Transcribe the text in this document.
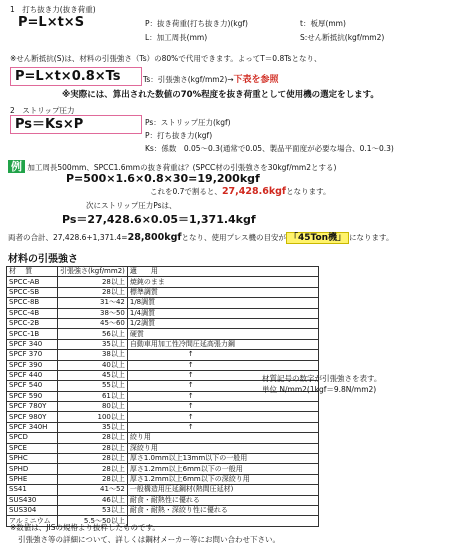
1　打ち抜き力(抜き荷重)
P=L×t×S	P：抜き荷重(打ち抜き力)(kgf)	t：板厚(mm)
L：加工周長(mm)	S:せん断抵抗(kgf/mm2)
※せん断抵抗(S)は、材料の引張強さ（Ts）の80%で代用できます。よってT＝0.8Tsとなり、
P=L×t×0.8×Ts	Ts：引張強さ(kgf/mm2)→下表を参照
※実際には、算出された数値の70%程度を抜き荷重として使用機の選定をします。
2　ストリップ圧力
Ps＝Ks×P	Ps：ストリップ圧力(kgf)
P：打ち抜き力(kgf)
Ks：係数　0.05～0.3(通常で0.05、製品平面度が必要な場合、0.1～0.3)
例 加工周長500mm、SPCC1.6mmの抜き荷重は？(SPCC材の引張強さを30kgf/mm2とする)
P=500×1.6×0.8×30=19,200kgf
これを0.7で割ると、27,428.6kgfとなります。
次にストリップ圧力Psは、
Ps＝27,428.6×0.05＝1,371.4kgf
両者の合計、27,428.6+1,371.4=28,800kgfとなり、使用プレス機の目安が 「45Ton機」 になります。
材料の引張強さ
材　 質	引張強さ(kgf/mm2)	適　　用
SPCC-AB	28以上	焼鈍のまま
SPCC-SB	28以上	標準調質
SPCC-8B	31～42	1/8調質
SPCC-4B	38～50	1/4調質
SPCC-2B	45～60	1/2調質
SPCC-1B	56以上	硬質
SPCF 340	35以上	自動車用加工性冷間圧延高張力鋼
SPCF 370	38以上	↑
SPCF 390	40以上	↑
SPCF 440	45以上	↑
SPCF 540	55以上	↑
SPCF 590	61以上	↑
SPCF 780Y	80以上	↑
SPCF 980Y	100以上	↑
SPCF 340H	35以上	↑
SPCD	28以上	絞り用
SPCE	28以上	深絞り用
SPHC	28以上	厚さ1.0mm以上13mm以下の一般用
SPHD	28以上	厚さ1.2mm以上6mm以下の一般用
SPHE	28以上	厚さ1.2mm以上6mm以下の深絞り用
SS41	41～52	一般構造用圧延鋼材(熱間圧延材)
SUS430	46以上	耐食・耐熱性に優れる
SUS304	53以上	耐食・耐熱・深絞り性に優れる
アルミニウム	5.5～50以上	
材質記号の数字が引張強さを表す。
単位 N/mm2(1kgf＝9.8N/mm2)
※数値は、JISの規格より抜粋したものです。
引張強さ等の詳細について、詳しくは鋼材メーカー等にお問い合わせ下さい。
